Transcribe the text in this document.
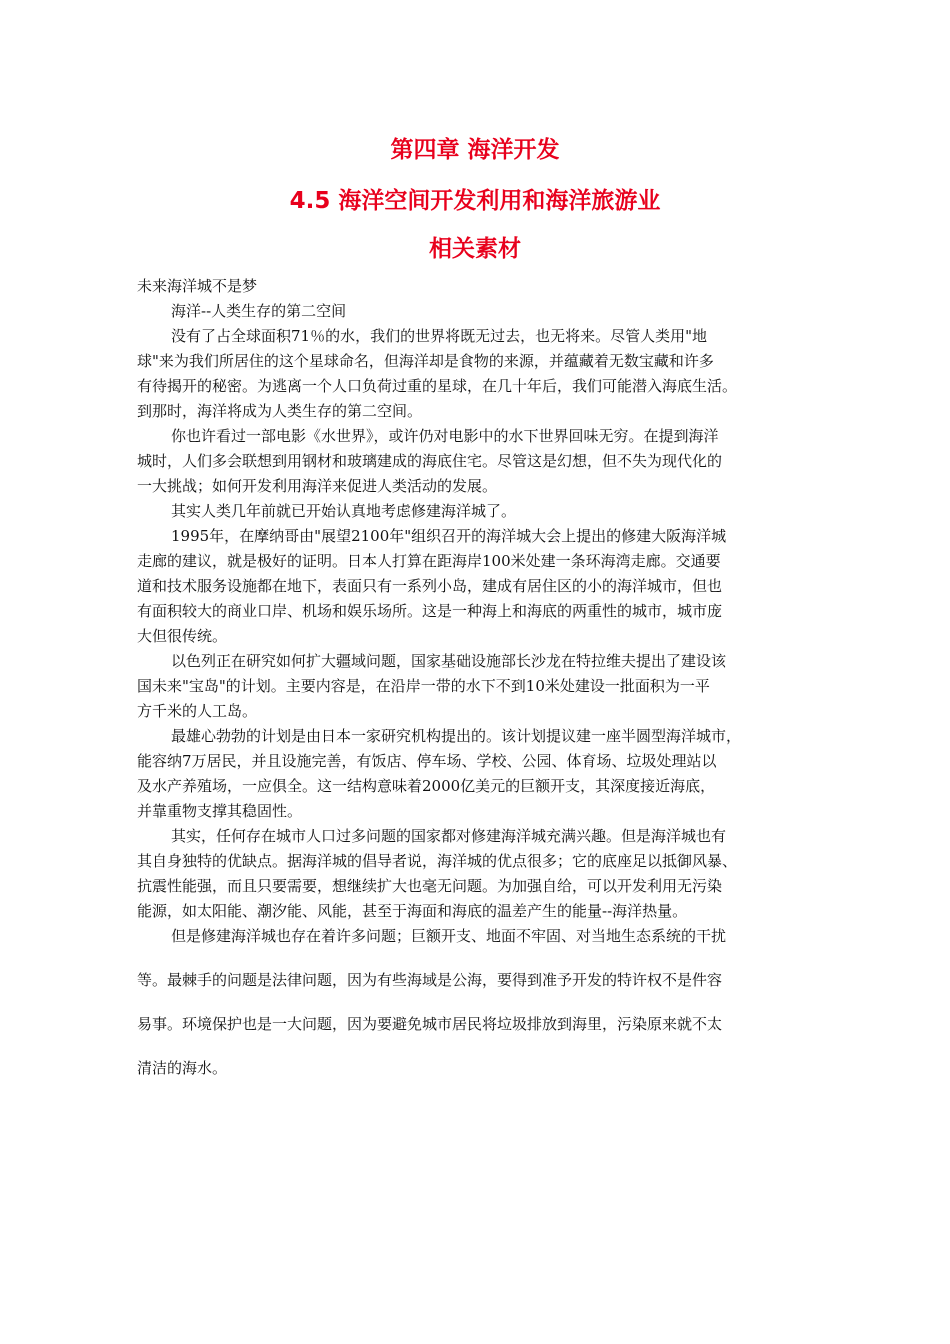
第四章 海洋开发
4.5 海洋空间开发利用和海洋旅游业
相关素材
未来海洋城不是梦
海洋--人类生存的第二空间
没有了占全球面积71％的水，我们的世界将既无过去，也无将来。尽管人类用"地
球"来为我们所居住的这个星球命名，但海洋却是食物的来源，并蕴藏着无数宝藏和许多
有待揭开的秘密。为逃离一个人口负荷过重的星球，在几十年后，我们可能潜入海底生活。
到那时，海洋将成为人类生存的第二空间。
你也许看过一部电影《水世界》，或许仍对电影中的水下世界回味无穷。在提到海洋
城时，人们多会联想到用钢材和玻璃建成的海底住宅。尽管这是幻想，但不失为现代化的
一大挑战；如何开发利用海洋来促进人类活动的发展。
其实人类几年前就已开始认真地考虑修建海洋城了。
1995年，在摩纳哥由"展望2100年"组织召开的海洋城大会上提出的修建大阪海洋城
走廊的建议，就是极好的证明。日本人打算在距海岸100米处建一条环海湾走廊。交通要
道和技术服务设施都在地下，表面只有一系列小岛，建成有居住区的小的海洋城市，但也
有面积较大的商业口岸、机场和娱乐场所。这是一种海上和海底的两重性的城市，城市庞
大但很传统。
以色列正在研究如何扩大疆域问题，国家基础设施部长沙龙在特拉维夫提出了建设该
国未来"宝岛"的计划。主要内容是，在沿岸一带的水下不到10米处建设一批面积为一平
方千米的人工岛。
最雄心勃勃的计划是由日本一家研究机构提出的。该计划提议建一座半圆型海洋城市，
能容纳7万居民，并且设施完善，有饭店、停车场、学校、公园、体育场、垃圾处理站以
及水产养殖场，一应俱全。这一结构意味着2000亿美元的巨额开支，其深度接近海底，
并靠重物支撑其稳固性。
其实，任何存在城市人口过多问题的国家都对修建海洋城充满兴趣。但是海洋城也有
其自身独特的优缺点。据海洋城的倡导者说，海洋城的优点很多；它的底座足以抵御风暴、
抗震性能强，而且只要需要，想继续扩大也毫无问题。为加强自给，可以开发利用无污染
能源，如太阳能、潮汐能、风能，甚至于海面和海底的温差产生的能量--海洋热量。
但是修建海洋城也存在着许多问题；巨额开支、地面不牢固、对当地生态系统的干扰
等。最棘手的问题是法律问题，因为有些海域是公海，要得到准予开发的特许权不是件容
易事。环境保护也是一大问题，因为要避免城市居民将垃圾排放到海里，污染原来就不太
清洁的海水。
